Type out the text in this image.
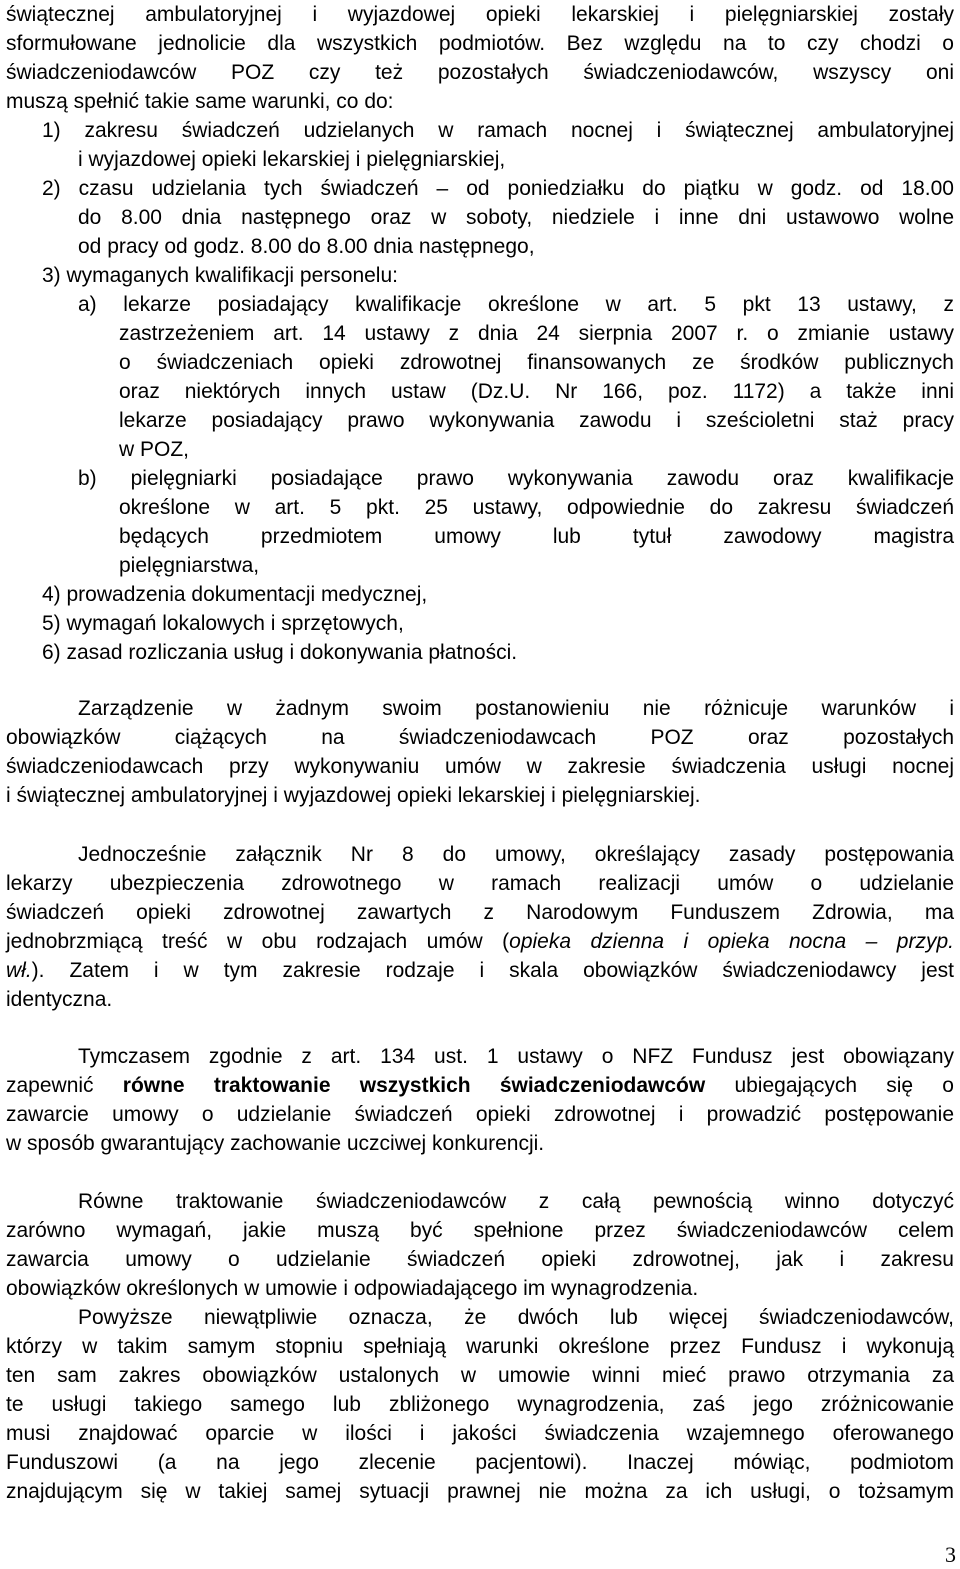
świątecznej ambulatoryjnej i wyjazdowej opieki lekarskiej i pielęgniarskiej zostały
sformułowane jednolicie dla wszystkich podmiotów. Bez względu na to czy chodzi o
świadczeniodawców POZ czy też pozostałych świadczeniodawców, wszyscy oni
muszą spełnić takie same warunki, co do:
1) zakresu świadczeń udzielanych w ramach nocnej i świątecznej ambulatoryjnej
i wyjazdowej opieki lekarskiej i pielęgniarskiej,
2) czasu udzielania tych świadczeń – od poniedziałku do piątku w godz. od 18.00
do 8.00 dnia następnego oraz w soboty, niedziele i inne dni ustawowo wolne
od pracy od godz. 8.00 do 8.00 dnia następnego,
3) wymaganych kwalifikacji personelu:
a) lekarze posiadający kwalifikacje określone w art. 5 pkt 13 ustawy, z
zastrzeżeniem art. 14 ustawy z dnia 24 sierpnia 2007 r. o zmianie ustawy
o świadczeniach opieki zdrowotnej finansowanych ze środków publicznych
oraz niektórych innych ustaw (Dz.U. Nr 166, poz. 1172) a także inni
lekarze posiadający prawo wykonywania zawodu i sześcioletni staż pracy
w POZ,
b) pielęgniarki posiadające prawo wykonywania zawodu oraz kwalifikacje
określone w art. 5 pkt. 25 ustawy, odpowiednie do zakresu świadczeń
będących przedmiotem umowy lub tytuł zawodowy magistra
pielęgniarstwa,
4) prowadzenia dokumentacji medycznej,
5) wymagań lokalowych i sprzętowych,
6) zasad rozliczania usług i dokonywania płatności.
Zarządzenie w żadnym swoim postanowieniu nie różnicuje warunków i
obowiązków ciążących na świadczeniodawcach POZ oraz pozostałych
świadczeniodawcach przy wykonywaniu umów w zakresie świadczenia usługi nocnej
i świątecznej ambulatoryjnej i wyjazdowej opieki lekarskiej i pielęgniarskiej.
Jednocześnie załącznik Nr 8 do umowy, określający zasady postępowania
lekarzy ubezpieczenia zdrowotnego w ramach realizacji umów o udzielanie
świadczeń opieki zdrowotnej zawartych z Narodowym Funduszem Zdrowia, ma
jednobrzmiącą treść w obu rodzajach umów (opieka dzienna i opieka nocna – przyp.
wł.). Zatem i w tym zakresie rodzaje i skala obowiązków świadczeniodawcy jest
identyczna.
Tymczasem zgodnie z art. 134 ust. 1 ustawy o NFZ Fundusz jest obowiązany
zapewnić równe traktowanie wszystkich świadczeniodawców ubiegających się o
zawarcie umowy o udzielanie świadczeń opieki zdrowotnej i prowadzić postępowanie
w sposób gwarantujący zachowanie uczciwej konkurencji.
Równe traktowanie świadczeniodawców z całą pewnością winno dotyczyć
zarówno wymagań, jakie muszą być spełnione przez świadczeniodawców celem
zawarcia umowy o udzielanie świadczeń opieki zdrowotnej, jak i zakresu
obowiązków określonych w umowie i odpowiadającego im wynagrodzenia.
Powyższe niewątpliwie oznacza, że dwóch lub więcej świadczeniodawców,
którzy w takim samym stopniu spełniają warunki określone przez Fundusz i wykonują
ten sam zakres obowiązków ustalonych w umowie winni mieć prawo otrzymania za
te usługi takiego samego lub zbliżonego wynagrodzenia, zaś jego zróżnicowanie
musi znajdować oparcie w ilości i jakości świadczenia wzajemnego oferowanego
Funduszowi (a na jego zlecenie pacjentowi). Inaczej mówiąc, podmiotom
znajdującym się w takiej samej sytuacji prawnej nie można za ich usługi, o tożsamym
3
